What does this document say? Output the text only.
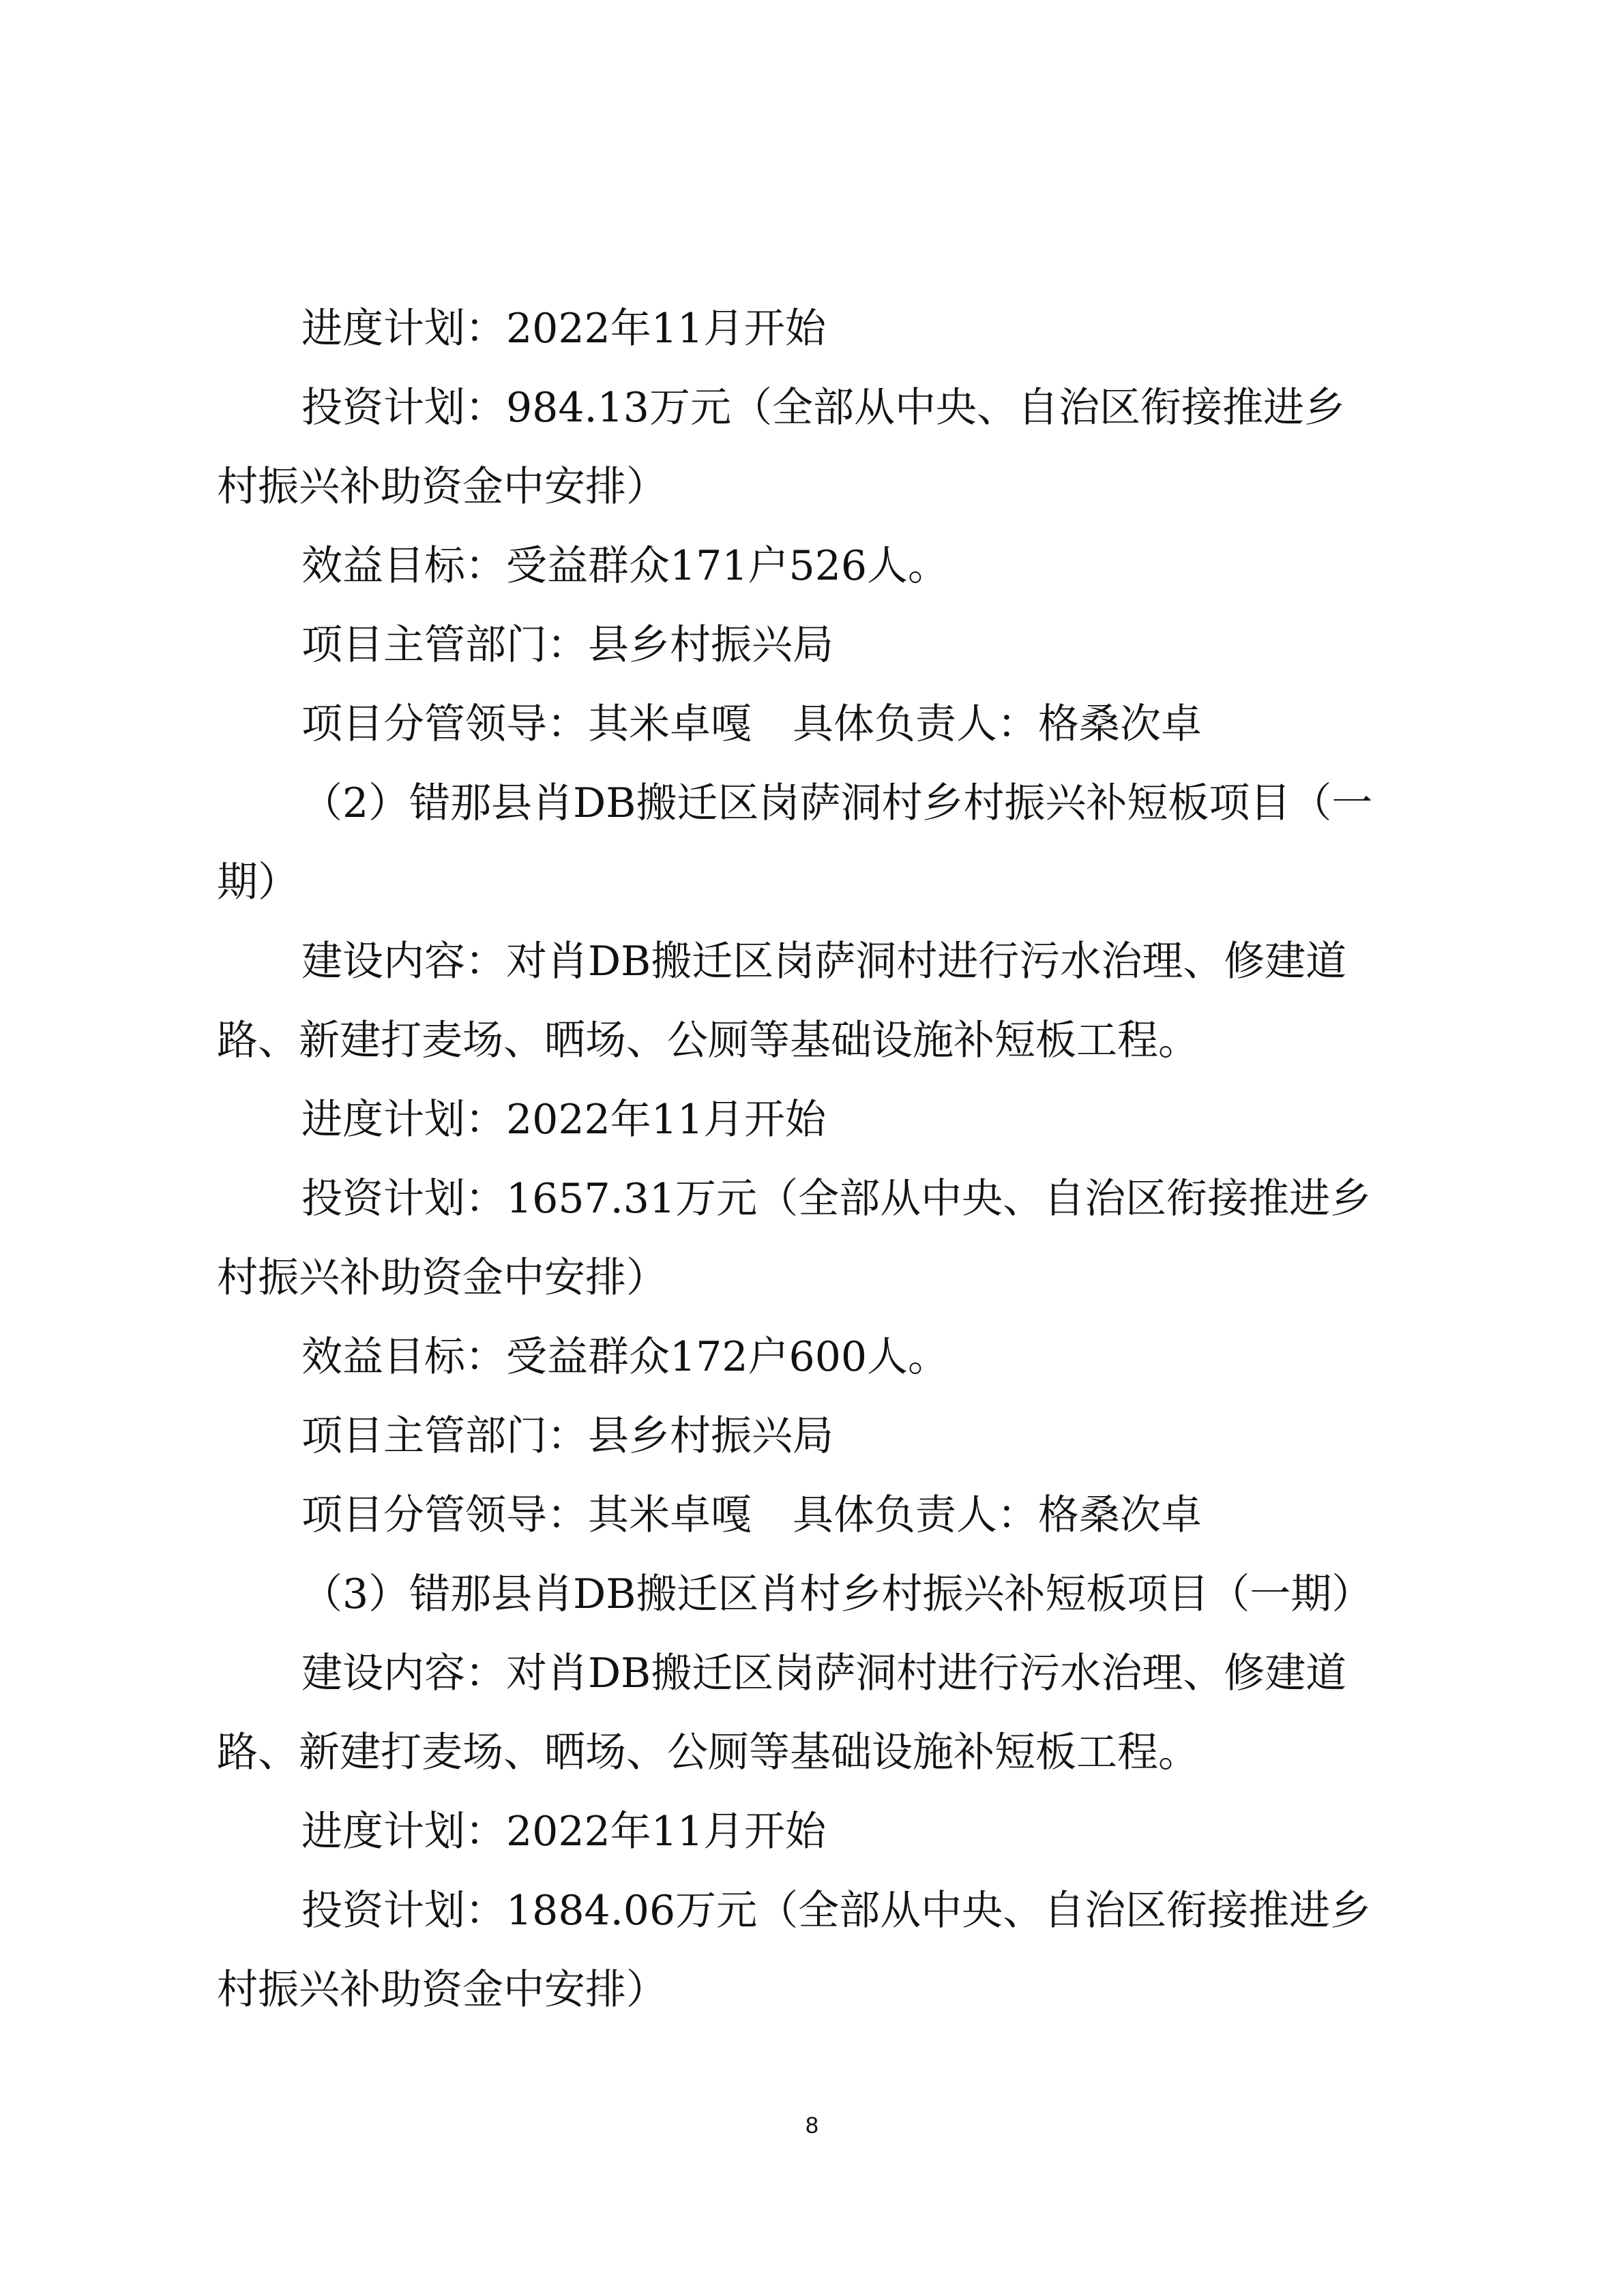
进度计划：2022年11月开始
投资计划：984.13万元（全部从中央、自治区衔接推进乡
村振兴补助资金中安排）
效益目标：受益群众171户526人。
项目主管部门：县乡村振兴局
项目分管领导：其米卓嘎　具体负责人：格桑次卓
（2）错那县肖DB搬迁区岗萨洞村乡村振兴补短板项目（一
期）
建设内容：对肖DB搬迁区岗萨洞村进行污水治理、修建道
路、新建打麦场、晒场、公厕等基础设施补短板工程。
进度计划：2022年11月开始
投资计划：1657.31万元（全部从中央、自治区衔接推进乡
村振兴补助资金中安排）
效益目标：受益群众172户600人。
项目主管部门：县乡村振兴局
项目分管领导：其米卓嘎　具体负责人：格桑次卓
（3）错那县肖DB搬迁区肖村乡村振兴补短板项目（一期）
建设内容：对肖DB搬迁区岗萨洞村进行污水治理、修建道
路、新建打麦场、晒场、公厕等基础设施补短板工程。
进度计划：2022年11月开始
投资计划：1884.06万元（全部从中央、自治区衔接推进乡
村振兴补助资金中安排）
8
